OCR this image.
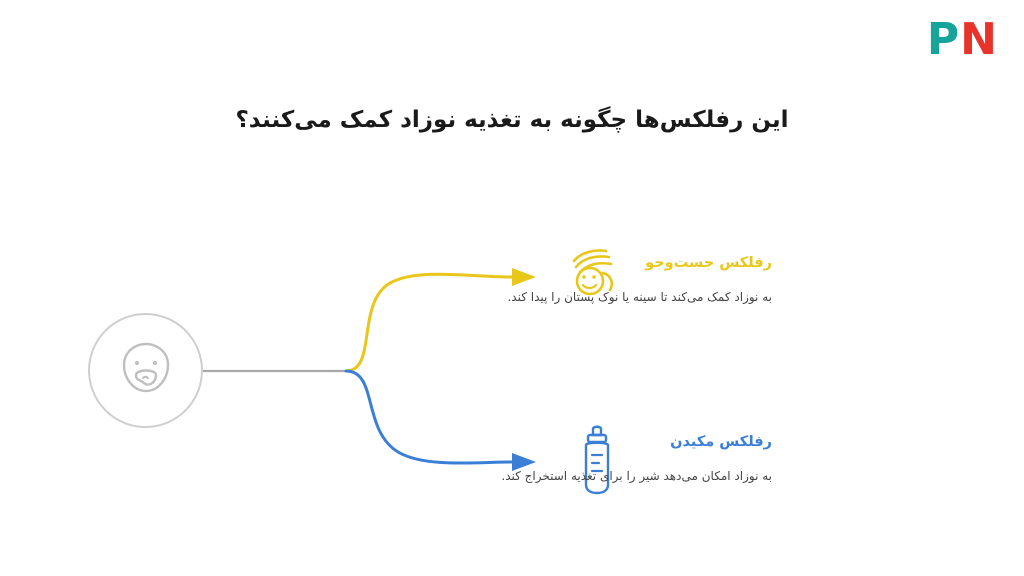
P N
این رفلکس‌ها چگونه به تغذیه نوزاد کمک می‌کنند؟

رفلکس جست‌وجو

به نوزاد کمک می‌کند تا سینه یا نوک پستان را پیدا کند.

رفلکس مکیدن

به نوزاد امکان می‌دهد شیر را برای تغذیه استخراج کند.
